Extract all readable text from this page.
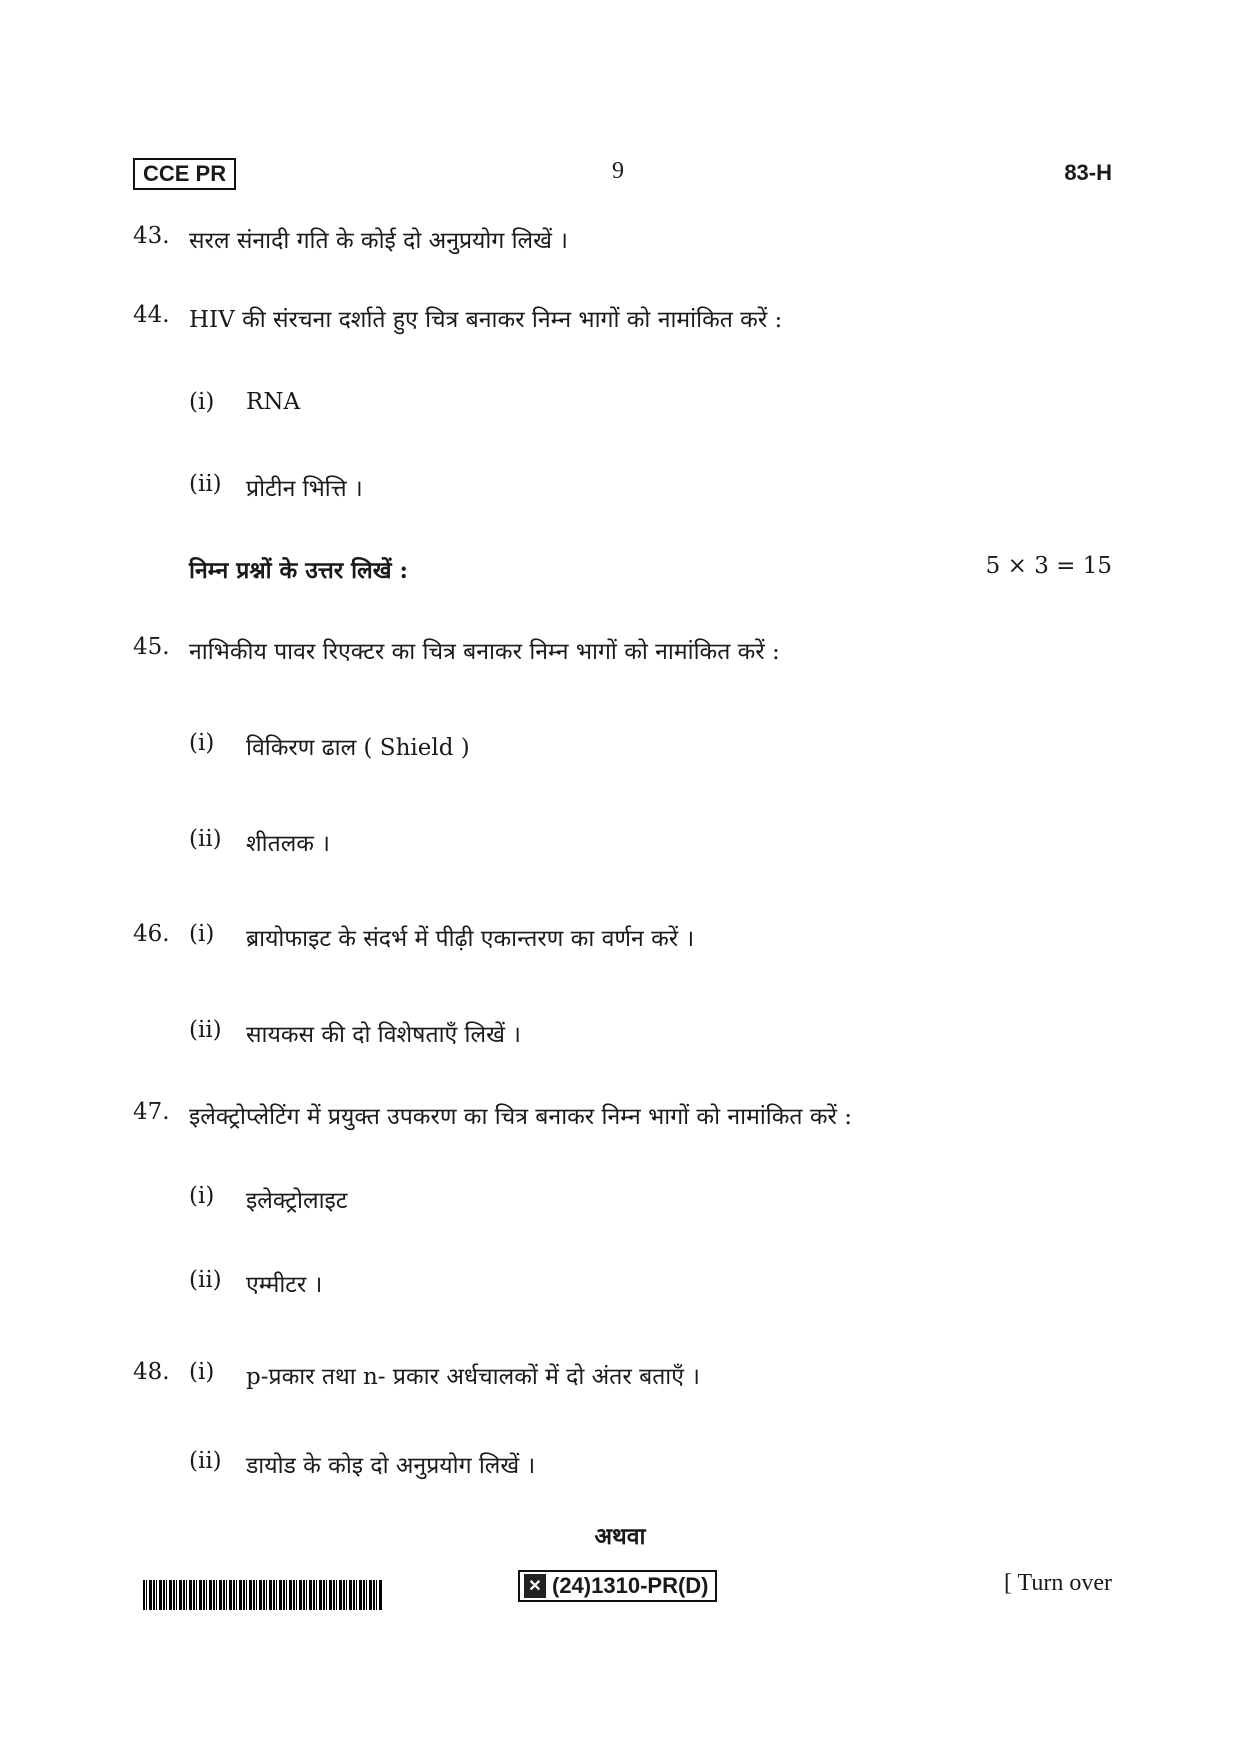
CCE PR	9	83-H
43. सरल संनादी गति के कोई दो अनुप्रयोग लिखें ।
44. HIV की संरचना दर्शाते हुए चित्र बनाकर निम्न भागों को नामांकित करें :
(i) RNA
(ii) प्रोटीन भित्ति ।
निम्न प्रश्नों के उत्तर लिखें :	5 × 3 = 15
45. नाभिकीय पावर रिएक्टर का चित्र बनाकर निम्न भागों को नामांकित करें :
(i) विकिरण ढाल ( Shield )
(ii) शीतलक ।
46. (i) ब्रायोफाइट के संदर्भ में पीढ़ी एकान्तरण का वर्णन करें ।
(ii) सायकस की दो विशेषताएँ लिखें ।
47. इलेक्ट्रोप्लेटिंग में प्रयुक्त उपकरण का चित्र बनाकर निम्न भागों को नामांकित करें :
(i) इलेक्ट्रोलाइट
(ii) एम्मीटर ।
48. (i) p-प्रकार तथा n- प्रकार अर्धचालकों में दो अंतर बताएँ ।
(ii) डायोड के कोइ दो अनुप्रयोग लिखें ।
अथवा
✕ (24)1310-PR(D)	[ Turn over
